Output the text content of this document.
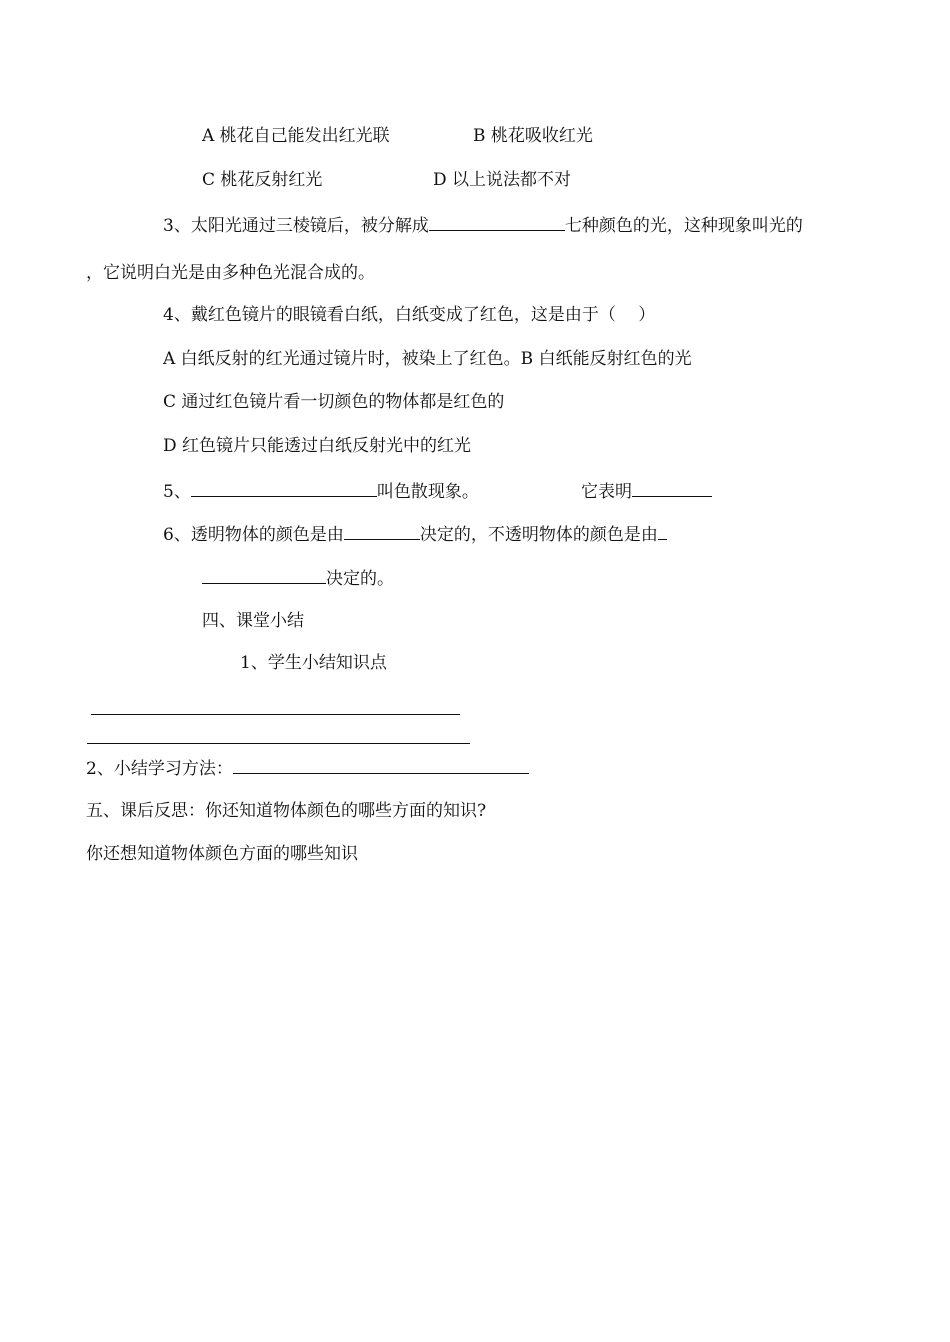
A 桃花自己能发出红光联	B 桃花吸收红光
C 桃花反射红光	D 以上说法都不对
3、太阳光通过三棱镜后，被分解成	七种颜色的光，这种现象叫光的
，它说明白光是由多种色光混合成的。
4、戴红色镜片的眼镜看白纸，白纸变成了红色，这是由于（　 ）
A 白纸反射的红光通过镜片时，被染上了红色。B 白纸能反射红色的光
C 通过红色镜片看一切颜色的物体都是红色的
D 红色镜片只能透过白纸反射光中的红光
5、	叫色散现象。	它表明
6、透明物体的颜色是由	决定的，不透明物体的颜色是由
决定的。
四、课堂小结
1、学生小结知识点
2、小结学习方法：
五、课后反思：你还知道物体颜色的哪些方面的知识?
你还想知道物体颜色方面的哪些知识
